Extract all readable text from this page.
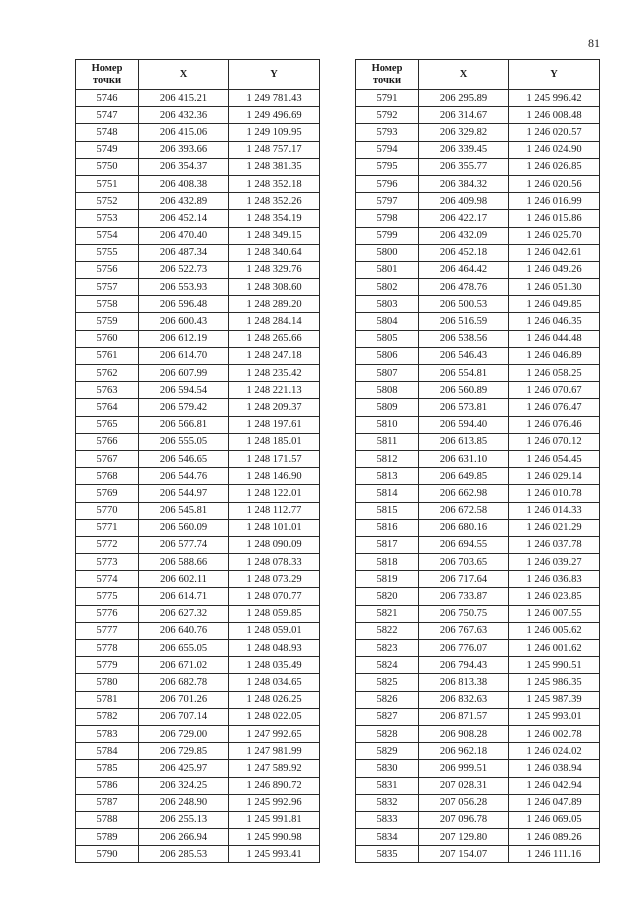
81
Номер
точки	X	Y
5746	206 415.21	1 249 781.43
5747	206 432.36	1 249 496.69
5748	206 415.06	1 249 109.95
5749	206 393.66	1 248 757.17
5750	206 354.37	1 248 381.35
5751	206 408.38	1 248 352.18
5752	206 432.89	1 248 352.26
5753	206 452.14	1 248 354.19
5754	206 470.40	1 248 349.15
5755	206 487.34	1 248 340.64
5756	206 522.73	1 248 329.76
5757	206 553.93	1 248 308.60
5758	206 596.48	1 248 289.20
5759	206 600.43	1 248 284.14
5760	206 612.19	1 248 265.66
5761	206 614.70	1 248 247.18
5762	206 607.99	1 248 235.42
5763	206 594.54	1 248 221.13
5764	206 579.42	1 248 209.37
5765	206 566.81	1 248 197.61
5766	206 555.05	1 248 185.01
5767	206 546.65	1 248 171.57
5768	206 544.76	1 248 146.90
5769	206 544.97	1 248 122.01
5770	206 545.81	1 248 112.77
5771	206 560.09	1 248 101.01
5772	206 577.74	1 248 090.09
5773	206 588.66	1 248 078.33
5774	206 602.11	1 248 073.29
5775	206 614.71	1 248 070.77
5776	206 627.32	1 248 059.85
5777	206 640.76	1 248 059.01
5778	206 655.05	1 248 048.93
5779	206 671.02	1 248 035.49
5780	206 682.78	1 248 034.65
5781	206 701.26	1 248 026.25
5782	206 707.14	1 248 022.05
5783	206 729.00	1 247 992.65
5784	206 729.85	1 247 981.99
5785	206 425.97	1 247 589.92
5786	206 324.25	1 246 890.72
5787	206 248.90	1 245 992.96
5788	206 255.13	1 245 991.81
5789	206 266.94	1 245 990.98
5790	206 285.53	1 245 993.41
Номер
точки	X	Y
5791	206 295.89	1 245 996.42
5792	206 314.67	1 246 008.48
5793	206 329.82	1 246 020.57
5794	206 339.45	1 246 024.90
5795	206 355.77	1 246 026.85
5796	206 384.32	1 246 020.56
5797	206 409.98	1 246 016.99
5798	206 422.17	1 246 015.86
5799	206 432.09	1 246 025.70
5800	206 452.18	1 246 042.61
5801	206 464.42	1 246 049.26
5802	206 478.76	1 246 051.30
5803	206 500.53	1 246 049.85
5804	206 516.59	1 246 046.35
5805	206 538.56	1 246 044.48
5806	206 546.43	1 246 046.89
5807	206 554.81	1 246 058.25
5808	206 560.89	1 246 070.67
5809	206 573.81	1 246 076.47
5810	206 594.40	1 246 076.46
5811	206 613.85	1 246 070.12
5812	206 631.10	1 246 054.45
5813	206 649.85	1 246 029.14
5814	206 662.98	1 246 010.78
5815	206 672.58	1 246 014.33
5816	206 680.16	1 246 021.29
5817	206 694.55	1 246 037.78
5818	206 703.65	1 246 039.27
5819	206 717.64	1 246 036.83
5820	206 733.87	1 246 023.85
5821	206 750.75	1 246 007.55
5822	206 767.63	1 246 005.62
5823	206 776.07	1 246 001.62
5824	206 794.43	1 245 990.51
5825	206 813.38	1 245 986.35
5826	206 832.63	1 245 987.39
5827	206 871.57	1 245 993.01
5828	206 908.28	1 246 002.78
5829	206 962.18	1 246 024.02
5830	206 999.51	1 246 038.94
5831	207 028.31	1 246 042.94
5832	207 056.28	1 246 047.89
5833	207 096.78	1 246 069.05
5834	207 129.80	1 246 089.26
5835	207 154.07	1 246 111.16
